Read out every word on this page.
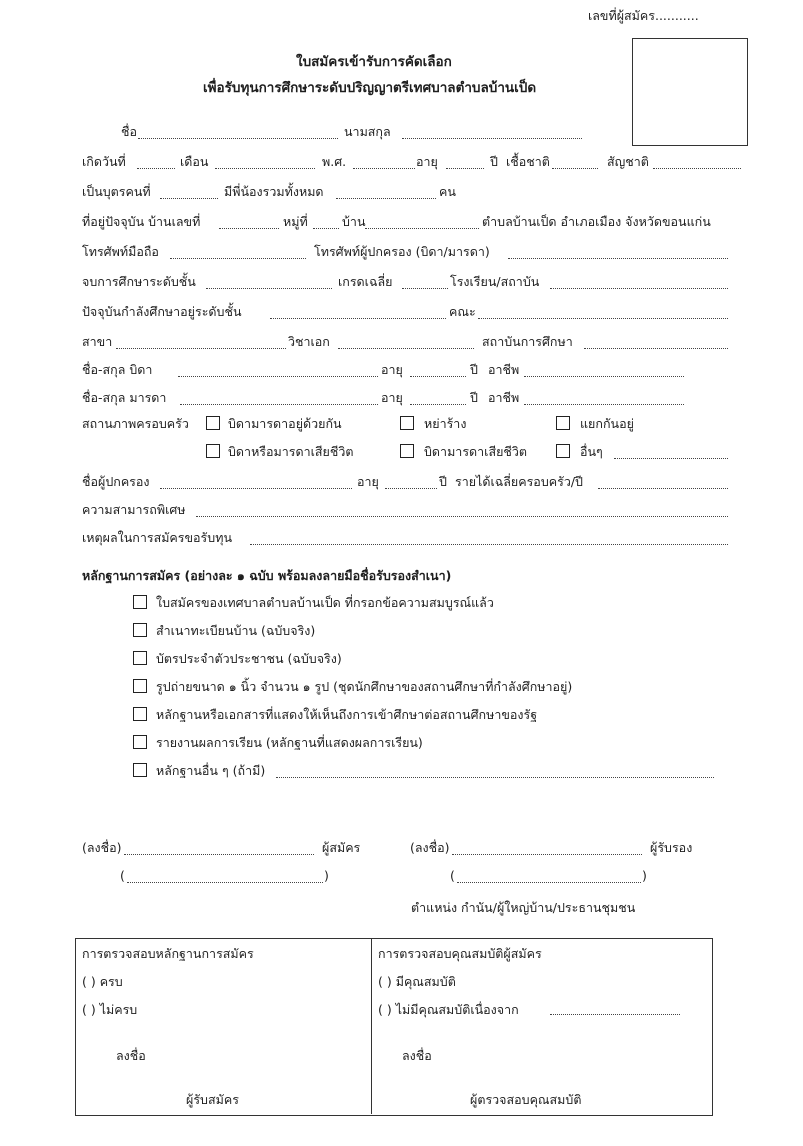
เลขที่ผู้สมัคร...........
ใบสมัครเข้ารับการคัดเลือก
เพื่อรับทุนการศึกษาระดับปริญญาตรีเทศบาลตำบลบ้านเป็ด
ชื่อ	นามสกุล
เกิดวันที่	เดือน	พ.ศ.	อายุ	ปี เชื้อชาติ	สัญชาติ
เป็นบุตรคนที่	มีพี่น้องรวมทั้งหมด	คน
ที่อยู่ปัจจุบัน บ้านเลขที่	หมู่ที่	บ้าน	ตำบลบ้านเป็ด อำเภอเมือง จังหวัดขอนแก่น
โทรศัพท์มือถือ	โทรศัพท์ผู้ปกครอง (บิดา/มารดา)
จบการศึกษาระดับชั้น	เกรดเฉลี่ย	โรงเรียน/สถาบัน
ปัจจุบันกำลังศึกษาอยู่ระดับชั้น	คณะ
สาขา	วิชาเอก	สถาบันการศึกษา
ชื่อ-สกุล บิดา	อายุ	ปี อาชีพ
ชื่อ-สกุล มารดา	อายุ	ปี อาชีพ
สถานภาพครอบครัว	บิดามารดาอยู่ด้วยกัน	หย่าร้าง	แยกกันอยู่
บิดาหรือมารดาเสียชีวิต	บิดามารดาเสียชีวิต	อื่นๆ
ชื่อผู้ปกครอง	อายุ	ปี รายได้เฉลี่ยครอบครัว/ปี
ความสามารถพิเศษ
เหตุผลในการสมัครขอรับทุน
หลักฐานการสมัคร (อย่างละ ๑ ฉบับ พร้อมลงลายมือชื่อรับรองสำเนา)
ใบสมัครของเทศบาลตำบลบ้านเป็ด ที่กรอกข้อความสมบูรณ์แล้ว
สำเนาทะเบียนบ้าน (ฉบับจริง)
บัตรประจำตัวประชาชน (ฉบับจริง)
รูปถ่ายขนาด ๑ นิ้ว จำนวน ๑ รูป (ชุดนักศึกษาของสถานศึกษาที่กำลังศึกษาอยู่)
หลักฐานหรือเอกสารที่แสดงให้เห็นถึงการเข้าศึกษาต่อสถานศึกษาของรัฐ
รายงานผลการเรียน (หลักฐานที่แสดงผลการเรียน)
หลักฐานอื่น ๆ (ถ้ามี)
(ลงชื่อ)	ผู้สมัคร	(ลงชื่อ)	ผู้รับรอง
(	)	(	)
ตำแหน่ง กำนัน/ผู้ใหญ่บ้าน/ประธานชุมชน
การตรวจสอบหลักฐานการสมัคร
( ) ครบ
( ) ไม่ครบ
ลงชื่อ
ผู้รับสมัคร
การตรวจสอบคุณสมบัติผู้สมัคร
( ) มีคุณสมบัติ
( ) ไม่มีคุณสมบัติเนื่องจาก
ลงชื่อ
ผู้ตรวจสอบคุณสมบัติ
